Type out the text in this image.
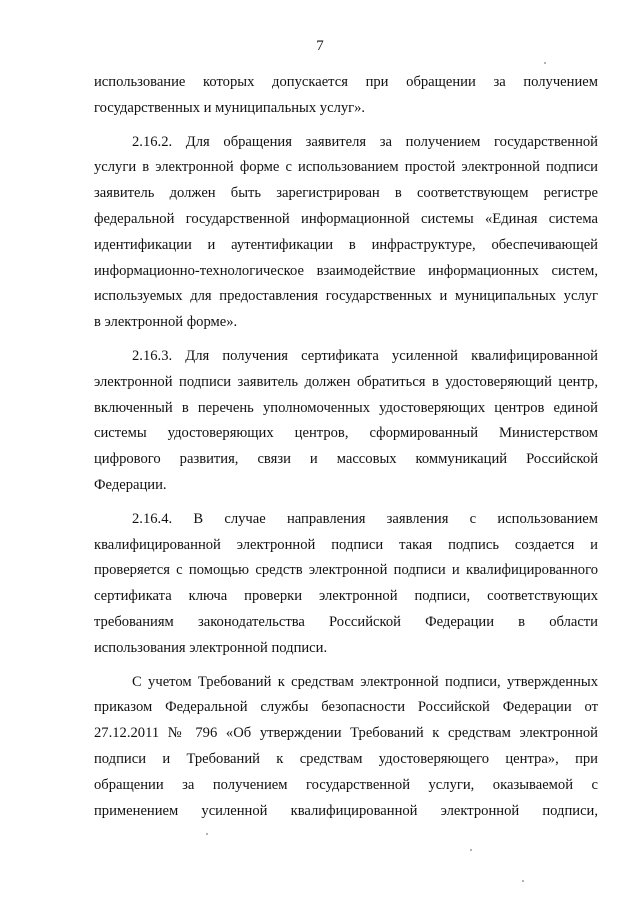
7
использование которых допускается при обращении за получением
государственных и муниципальных услуг».
2.16.2. Для обращения заявителя за получением государственной
услуги в электронной форме с использованием простой электронной подписи
заявитель должен быть зарегистрирован в соответствующем регистре
федеральной государственной информационной системы «Единая система
идентификации и аутентификации в инфраструктуре, обеспечивающей
информационно-технологическое взаимодействие информационных систем,
используемых для предоставления государственных и муниципальных услуг
в электронной форме».
2.16.3. Для получения сертификата усиленной квалифицированной
электронной подписи заявитель должен обратиться в удостоверяющий центр,
включенный в перечень уполномоченных удостоверяющих центров единой
системы удостоверяющих центров, сформированный Министерством
цифрового развития, связи и массовых коммуникаций Российской
Федерации.
2.16.4. В случае направления заявления с использованием
квалифицированной электронной подписи такая подпись создается и
проверяется с помощью средств электронной подписи и квалифицированного
сертификата ключа проверки электронной подписи, соответствующих
требованиям законодательства Российской Федерации в области
использования электронной подписи.
С учетом Требований к средствам электронной подписи, утвержденных
приказом Федеральной службы безопасности Российской Федерации от
27.12.2011 № 796 «Об утверждении Требований к средствам электронной
подписи и Требований к средствам удостоверяющего центра», при
обращении за получением государственной услуги, оказываемой с
применением усиленной квалифицированной электронной подписи,
